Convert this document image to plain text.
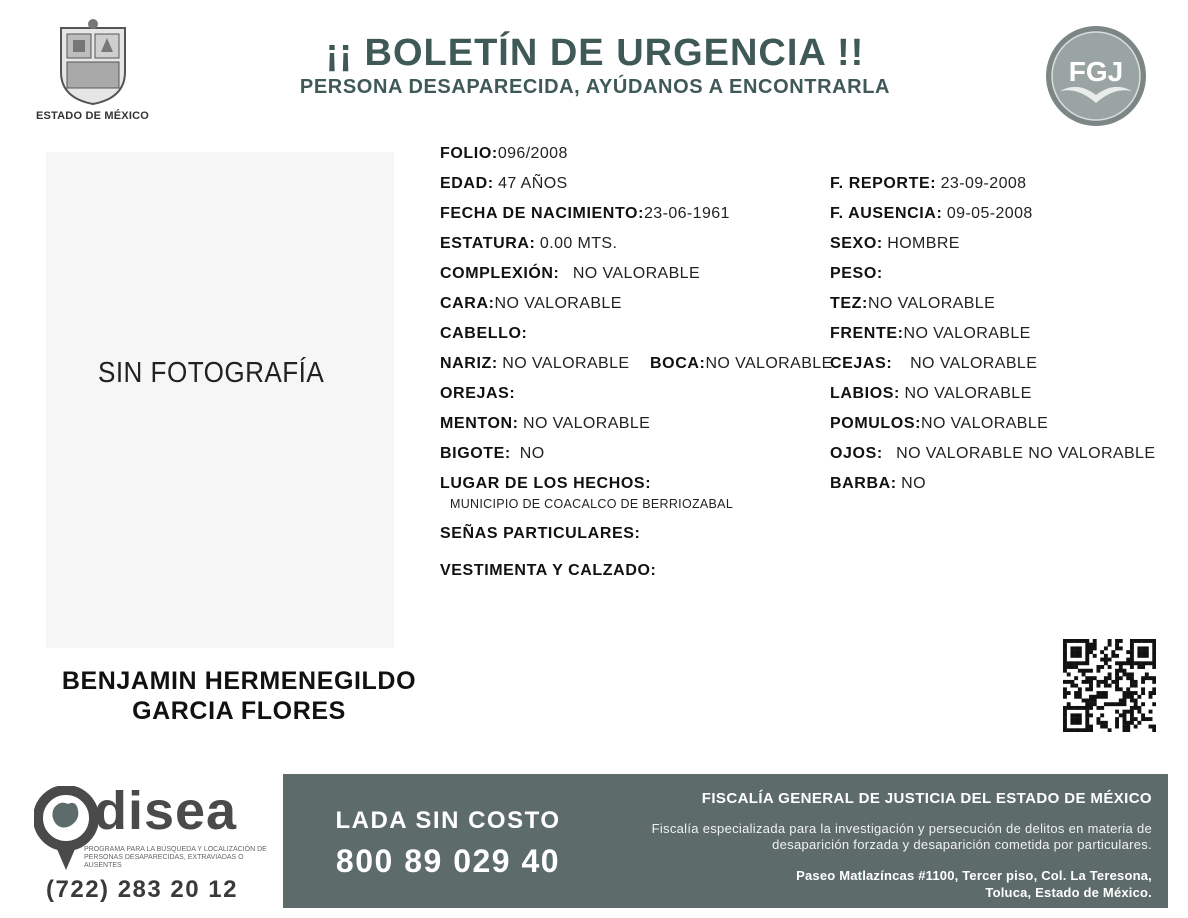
ESTADO DE MÉXICO
¡¡ BOLETÍN DE URGENCIA !!
PERSONA DESAPARECIDA, AYÚDANOS A ENCONTRARLA	FGJ
SIN FOTOGRAFÍA
BENJAMIN HERMENEGILDO
GARCIA FLORES
FOLIO:096/2008
EDAD: 47 AÑOS
FECHA DE NACIMIENTO:23-06-1961
ESTATURA: 0.00 MTS.
COMPLEXIÓN: NO VALORABLE
CARA:NO VALORABLE
CABELLO:
NARIZ: NO VALORABLE BOCA:NO VALORABLE
OREJAS:
MENTON: NO VALORABLE
BIGOTE: NO
LUGAR DE LOS HECHOS:
MUNICIPIO DE COACALCO DE BERRIOZABAL
SEÑAS PARTICULARES:
VESTIMENTA Y CALZADO:
F. REPORTE: 23-09-2008
F. AUSENCIA: 09-05-2008
SEXO: HOMBRE
PESO:
TEZ:NO VALORABLE
FRENTE:NO VALORABLE
CEJAS: NO VALORABLE
LABIOS: NO VALORABLE
POMULOS:NO VALORABLE
OJOS: NO VALORABLE NO VALORABLE
BARBA: NO
disea
PROGRAMA PARA LA BÚSQUEDA Y LOCALIZACIÓN DE PERSONAS DESAPARECIDAS, EXTRAVIADAS O AUSENTES
(722) 283 20 12
LADA SIN COSTO
800 89 029 40
FISCALÍA GENERAL DE JUSTICIA DEL ESTADO DE MÉXICO
Fiscalía especializada para la investigación y persecución de delitos en materia de desaparición forzada y desaparición cometida por particulares.
Paseo Matlazíncas #1100, Tercer piso, Col. La Teresona,
Toluca, Estado de México.
